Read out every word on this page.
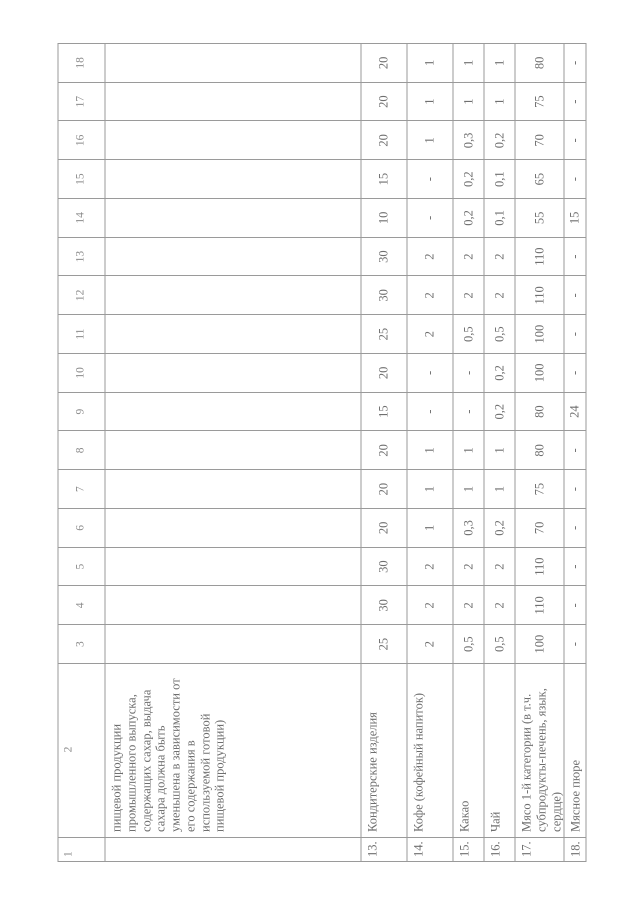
1	2	3	4	5	6	7	8	9	10	11	12	13	14	15	16	17	18
	пищевой продукции промышленного выпуска, содержащих сахар, выдача сахара должна быть уменьшена в зависимости от его содержания в используемой готовой пищевой продукции)																
13.	Кондитерские изделия	25	30	30	20	20	20	15	20	25	30	30	10	15	20	20	20
14.	Кофе (кофейный напиток)	2	2	2	1	1	1	-	-	2	2	2	-	-	1	1	1
15.	Какао	0,5	2	2	0,3	1	1	-	-	0,5	2	2	0,2	0,2	0,3	1	1
16.	Чай	0,5	2	2	0,2	1	1	0,2	0,2	0,5	2	2	0,1	0,1	0,2	1	1
17.	Мясо 1-й категории (в т.ч. субпродукты-печень, язык, сердце)	100	110	110	70	75	80	80	100	100	110	110	55	65	70	75	80
18.	Мясное пюре	-	-	-	-	-	-	24	-	-	-	-	15	-	-	-	-
